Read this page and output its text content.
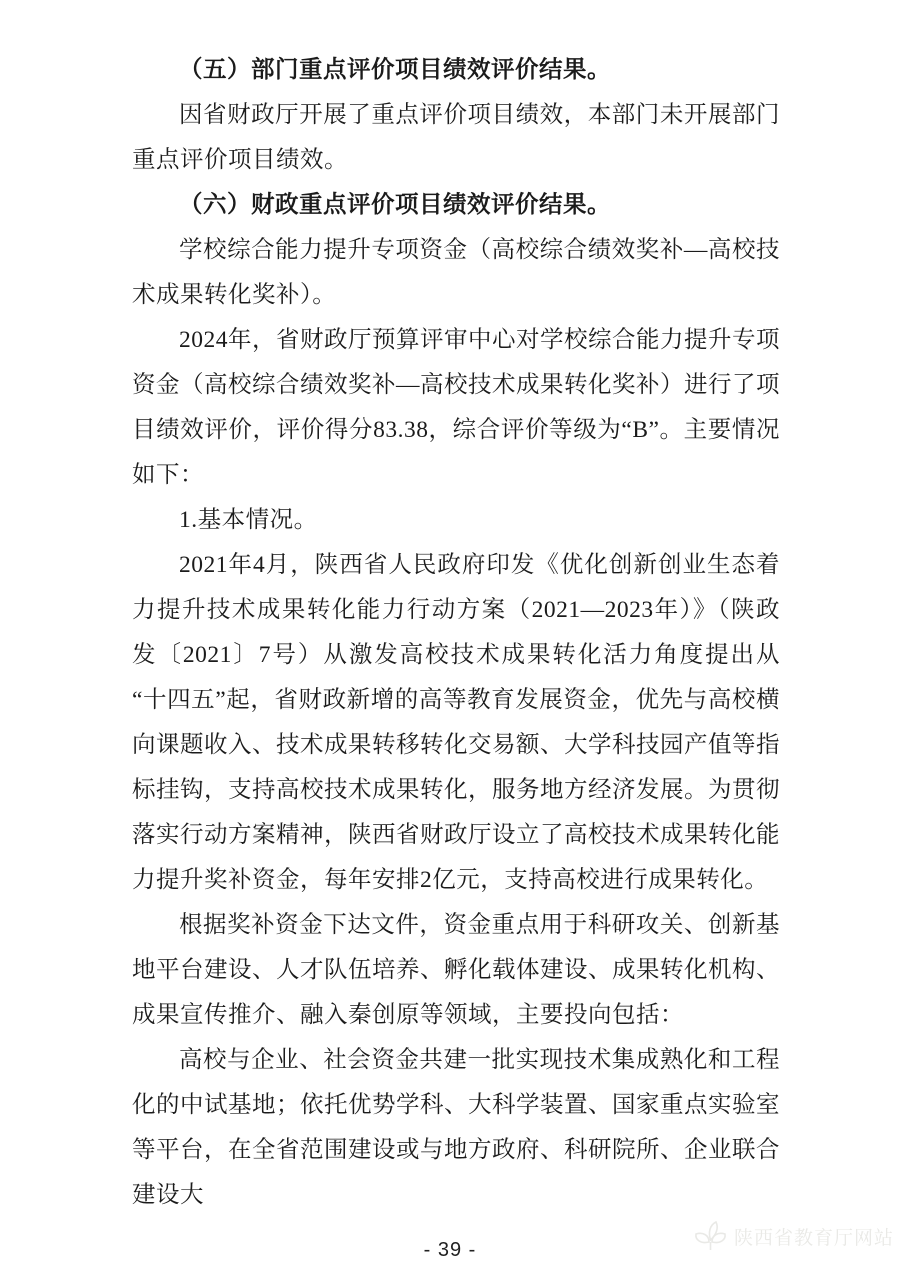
（五）部门重点评价项目绩效评价结果。

因省财政厅开展了重点评价项目绩效，本部门未开展部门重点评价项目绩效。

（六）财政重点评价项目绩效评价结果。

学校综合能力提升专项资金（高校综合绩效奖补—高校技术成果转化奖补）。

2024年，省财政厅预算评审中心对学校综合能力提升专项资金（高校综合绩效奖补—高校技术成果转化奖补）进行了项目绩效评价，评价得分83.38，综合评价等级为“B”。主要情况如下：

1.基本情况。

2021年4月，陕西省人民政府印发《优化创新创业生态着力提升技术成果转化能力行动方案（2021—2023年）》（陕政发〔2021〕7号）从激发高校技术成果转化活力角度提出从“十四五”起，省财政新增的高等教育发展资金，优先与高校横向课题收入、技术成果转移转化交易额、大学科技园产值等指标挂钩，支持高校技术成果转化，服务地方经济发展。为贯彻落实行动方案精神，陕西省财政厅设立了高校技术成果转化能力提升奖补资金，每年安排2亿元，支持高校进行成果转化。

根据奖补资金下达文件，资金重点用于科研攻关、创新基地平台建设、人才队伍培养、孵化载体建设、成果转化机构、成果宣传推介、融入秦创原等领域，主要投向包括：

高校与企业、社会资金共建一批实现技术集成熟化和工程化的中试基地；依托优势学科、大科学装置、国家重点实验室等平台，在全省范围建设或与地方政府、科研院所、企业联合建设大

- 39 -
陕西省教育厅网站
